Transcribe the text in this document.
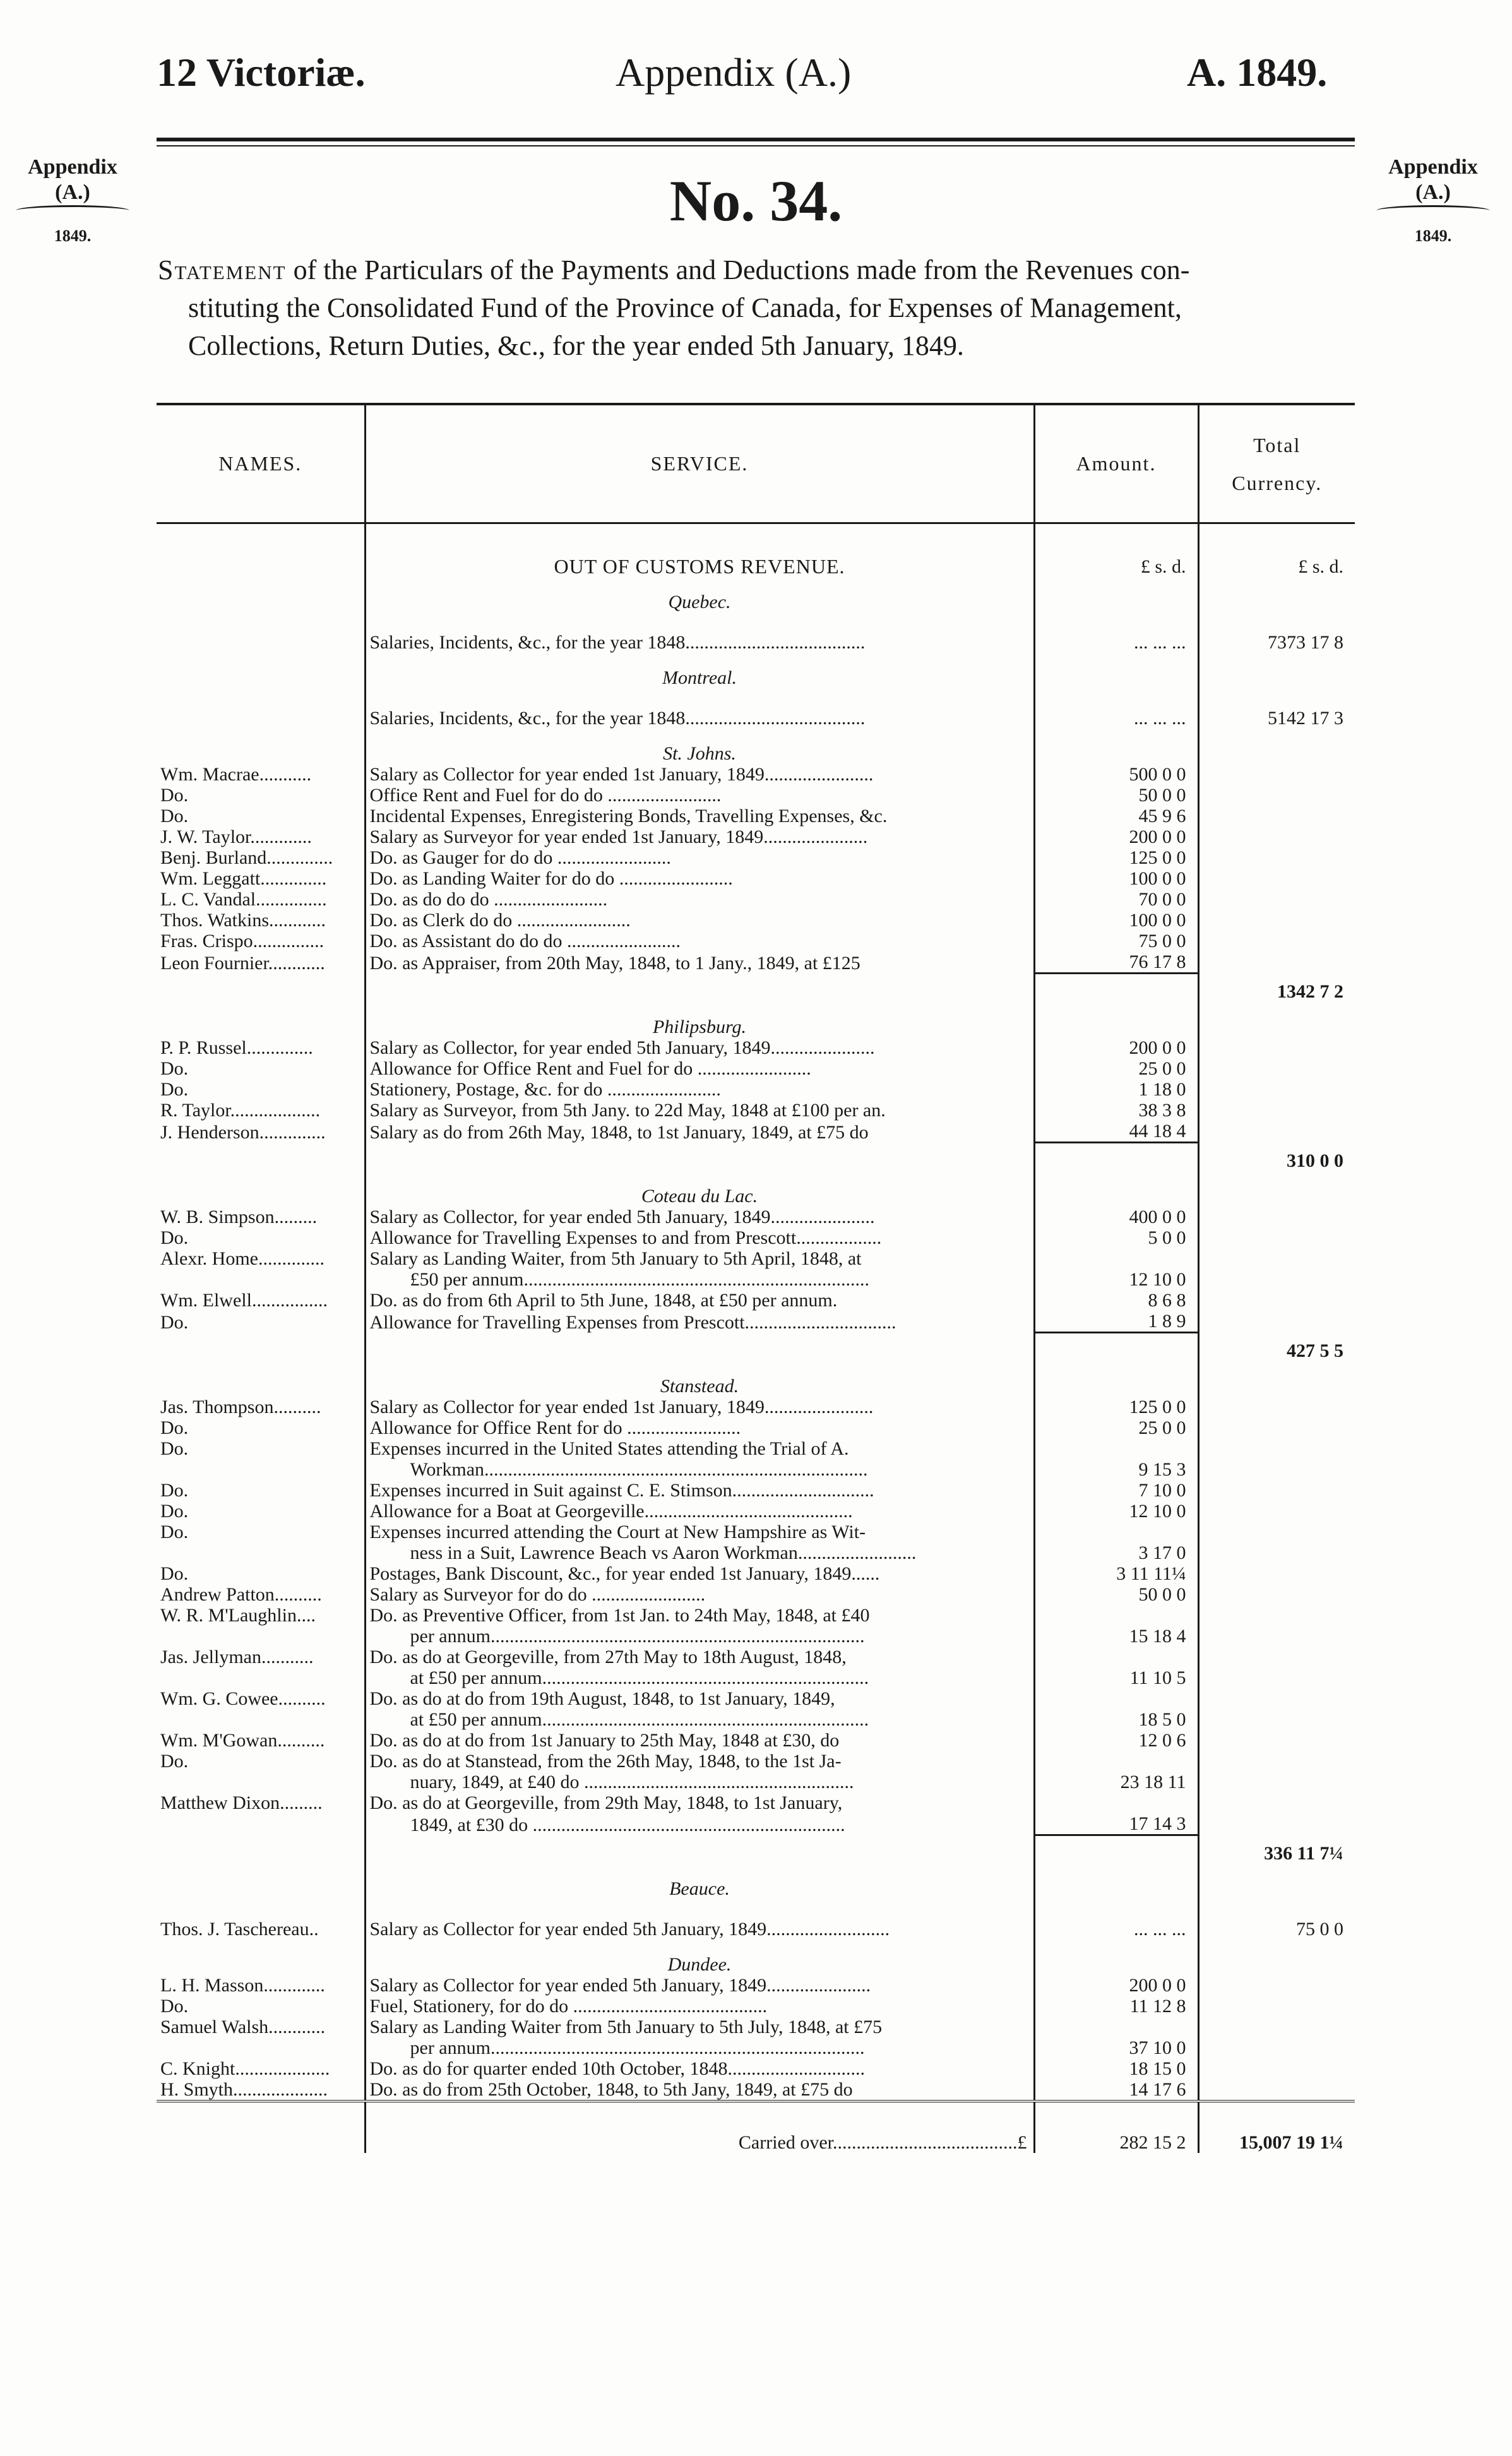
12 Victoriæ.	Appendix (A.)	A. 1849.
Appendix
(A.)
1849.
Appendix
(A.)
1849.
No. 34.
Statement of the Particulars of the Payments and Deductions made from the Revenues con-
stituting the Consolidated Fund of the Province of Canada, for Expenses of Management,
Collections, Return Duties, &c., for the year ended 5th January, 1849.
NAMES.	SERVICE.	Amount.	Total
Currency.

	OUT OF CUSTOMS REVENUE.	£ s. d.	£ s. d.
	Quebec.		
	Salaries, Incidents, &c., for the year 1848......................................	... ... ...	7373 17 8
	Montreal.		
	Salaries, Incidents, &c., for the year 1848......................................	... ... ...	5142 17 3
	St. Johns.		
Wm. Macrae...........	Salary as Collector for year ended 1st January, 1849.......................	500 0 0	
Do.	Office Rent and Fuel for do do ........................	50 0 0	
Do.	Incidental Expenses, Enregistering Bonds, Travelling Expenses, &c.	45 9 6	
J. W. Taylor.............	Salary as Surveyor for year ended 1st January, 1849......................	200 0 0	
Benj. Burland..............	Do. as Gauger for do do ........................	125 0 0	
Wm. Leggatt..............	Do. as Landing Waiter for do do ........................	100 0 0	
L. C. Vandal...............	Do. as do do do ........................	70 0 0	
Thos. Watkins............	Do. as Clerk do do ........................	100 0 0	
Fras. Crispo...............	Do. as Assistant do do do ........................	75 0 0	
Leon Fournier............	Do. as Appraiser, from 20th May, 1848, to 1 Jany., 1849, at £125	76 17 8	
			1342 7 2
	Philipsburg.		
P. P. Russel..............	Salary as Collector, for year ended 5th January, 1849......................	200 0 0	
Do.	Allowance for Office Rent and Fuel for do ........................	25 0 0	
Do.	Stationery, Postage, &c. for do ........................	1 18 0	
R. Taylor...................	Salary as Surveyor, from 5th Jany. to 22d May, 1848 at £100 per an.	38 3 8	
J. Henderson..............	Salary as do from 26th May, 1848, to 1st January, 1849, at £75 do	44 18 4	
			310 0 0
	Coteau du Lac.		
W. B. Simpson.........	Salary as Collector, for year ended 5th January, 1849......................	400 0 0	
Do.	Allowance for Travelling Expenses to and from Prescott..................	5 0 0	
Alexr. Home..............	Salary as Landing Waiter, from 5th January to 5th April, 1848, at		
	£50 per annum.........................................................................	12 10 0	
Wm. Elwell................	Do. as do from 6th April to 5th June, 1848, at £50 per annum.	8 6 8	
Do.	Allowance for Travelling Expenses from Prescott................................	1 8 9	
			427 5 5
	Stanstead.		
Jas. Thompson..........	Salary as Collector for year ended 1st January, 1849.......................	125 0 0	
Do.	Allowance for Office Rent for do ........................	25 0 0	
Do.	Expenses incurred in the United States attending the Trial of A.		
	Workman.................................................................................	9 15 3	
Do.	Expenses incurred in Suit against C. E. Stimson..............................	7 10 0	
Do.	Allowance for a Boat at Georgeville............................................	12 10 0	
Do.	Expenses incurred attending the Court at New Hampshire as Wit-		
	ness in a Suit, Lawrence Beach vs Aaron Workman.........................	3 17 0	
Do.	Postages, Bank Discount, &c., for year ended 1st January, 1849......	3 11 11¼	
Andrew Patton..........	Salary as Surveyor for do do ........................	50 0 0	
W. R. M'Laughlin....	Do. as Preventive Officer, from 1st Jan. to 24th May, 1848, at £40		
	per annum...............................................................................	15 18 4	
Jas. Jellyman...........	Do. as do at Georgeville, from 27th May to 18th August, 1848,		
	at £50 per annum.....................................................................	11 10 5	
Wm. G. Cowee..........	Do. as do at do from 19th August, 1848, to 1st January, 1849,		
	at £50 per annum.....................................................................	18 5 0	
Wm. M'Gowan..........	Do. as do at do from 1st January to 25th May, 1848 at £30, do	12 0 6	
Do.	Do. as do at Stanstead, from the 26th May, 1848, to the 1st Ja-		
	nuary, 1849, at £40 do .........................................................	23 18 11	
Matthew Dixon.........	Do. as do at Georgeville, from 29th May, 1848, to 1st January,		
	1849, at £30 do ..................................................................	17 14 3	
			336 11 7¼
	Beauce.		
Thos. J. Taschereau..	Salary as Collector for year ended 5th January, 1849..........................	... ... ...	75 0 0
	Dundee.		
L. H. Masson.............	Salary as Collector for year ended 5th January, 1849......................	200 0 0	
Do.	Fuel, Stationery, for do do .........................................	11 12 8	
Samuel Walsh............	Salary as Landing Waiter from 5th January to 5th July, 1848, at £75		
	per annum...............................................................................	37 10 0	
C. Knight....................	Do. as do for quarter ended 10th October, 1848.............................	18 15 0	
H. Smyth....................	Do. as do from 25th October, 1848, to 5th Jany, 1849, at £75 do	14 17 6	
	Carried over.......................................£	282 15 2	15,007 19 1¼
